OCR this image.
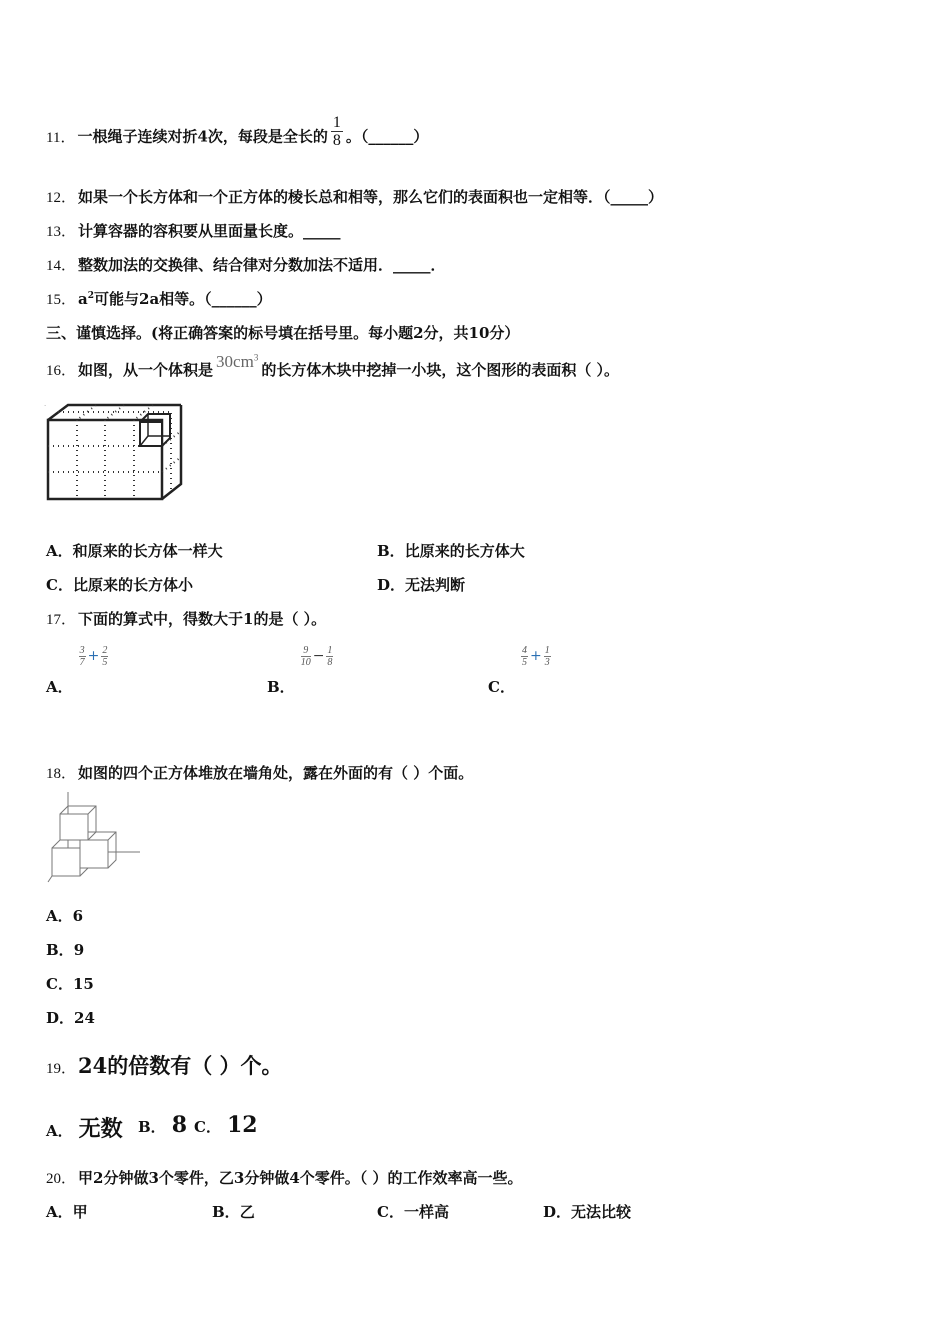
11． 一根绳子连续对折4次，每段是全长的 $\frac{1}{8}$ 。（______）
12． 如果一个长方体和一个正方体的棱长总和相等，那么它们的表面积也一定相等．（_____）
13． 计算容器的容积要从里面量长度。_____
14． 整数加法的交换律、结合律对分数加法不适用．_____．
15． $a^2$可能与2a相等。（______）
三、谨慎选择。(将正确答案的标号填在括号里。每小题2分，共10分）
16． 如图，从一个体积是 $30cm^3$的长方体木块中挖掉一小块，这个图形的表面积（ ）。
·
A．和原来的长方体一样大	B．比原来的长方体大
C．比原来的长方体小	D．无法判断
17． 下面的算式中，得数大于1的是（ ）。
A．
$\frac{3}{7} + \frac{2}{5}$
B．
$\frac{9}{10} - \frac{1}{8}$
C．
$\frac{4}{5} + \frac{1}{3}$
18． 如图的四个正方体堆放在墙角处，露在外面的有（ ）个面。
A．6
B．9
C．15
D．24
19．24的倍数有（ ）个。
A． 无数 B． 8 C． 12
20． 甲2分钟做3个零件，乙3分钟做4个零件。（ ）的工作效率高一些。
A．甲	B．乙	C．一样高	D．无法比较
